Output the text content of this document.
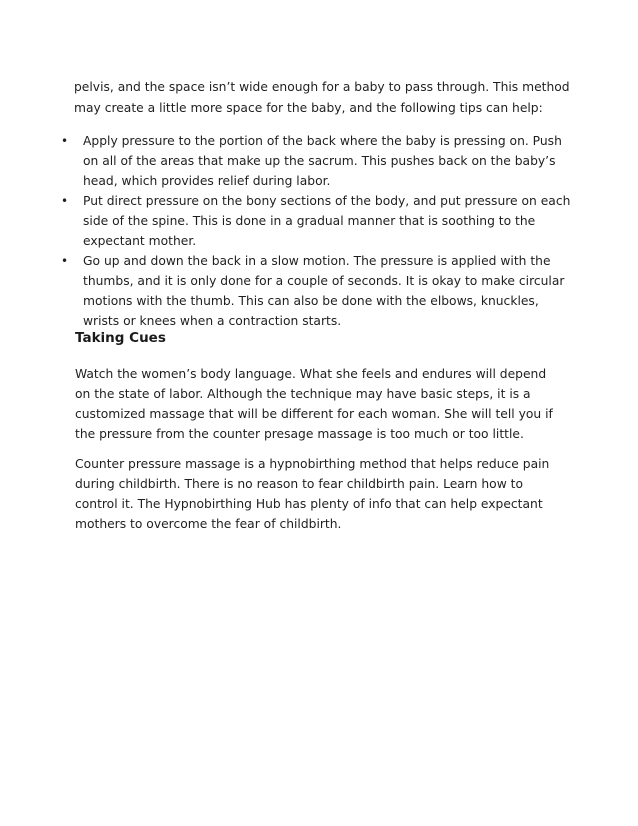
pelvis, and the space isn’t wide enough for a baby to pass through. This method may create a little more space for the baby, and the following tips can help:

•	Apply pressure to the portion of the back where the baby is pressing on. Push on all of the areas that make up the sacrum. This pushes back on the baby’s head, which provides relief during labor.
•	Put direct pressure on the bony sections of the body, and put pressure on each side of the spine. This is done in a gradual manner that is soothing to the expectant mother.
•	Go up and down the back in a slow motion. The pressure is applied with the thumbs, and it is only done for a couple of seconds. It is okay to make circular motions with the thumb. This can also be done with the elbows, knuckles, wrists or knees when a contraction starts.
Taking Cues

Watch the women’s body language. What she feels and endures will depend on the state of labor. Although the technique may have basic steps, it is a customized massage that will be different for each woman. She will tell you if the pressure from the counter presage massage is too much or too little.

Counter pressure massage is a hypnobirthing method that helps reduce pain during childbirth. There is no reason to fear childbirth pain. Learn how to control it. The Hypnobirthing Hub has plenty of info that can help expectant mothers to overcome the fear of childbirth.
